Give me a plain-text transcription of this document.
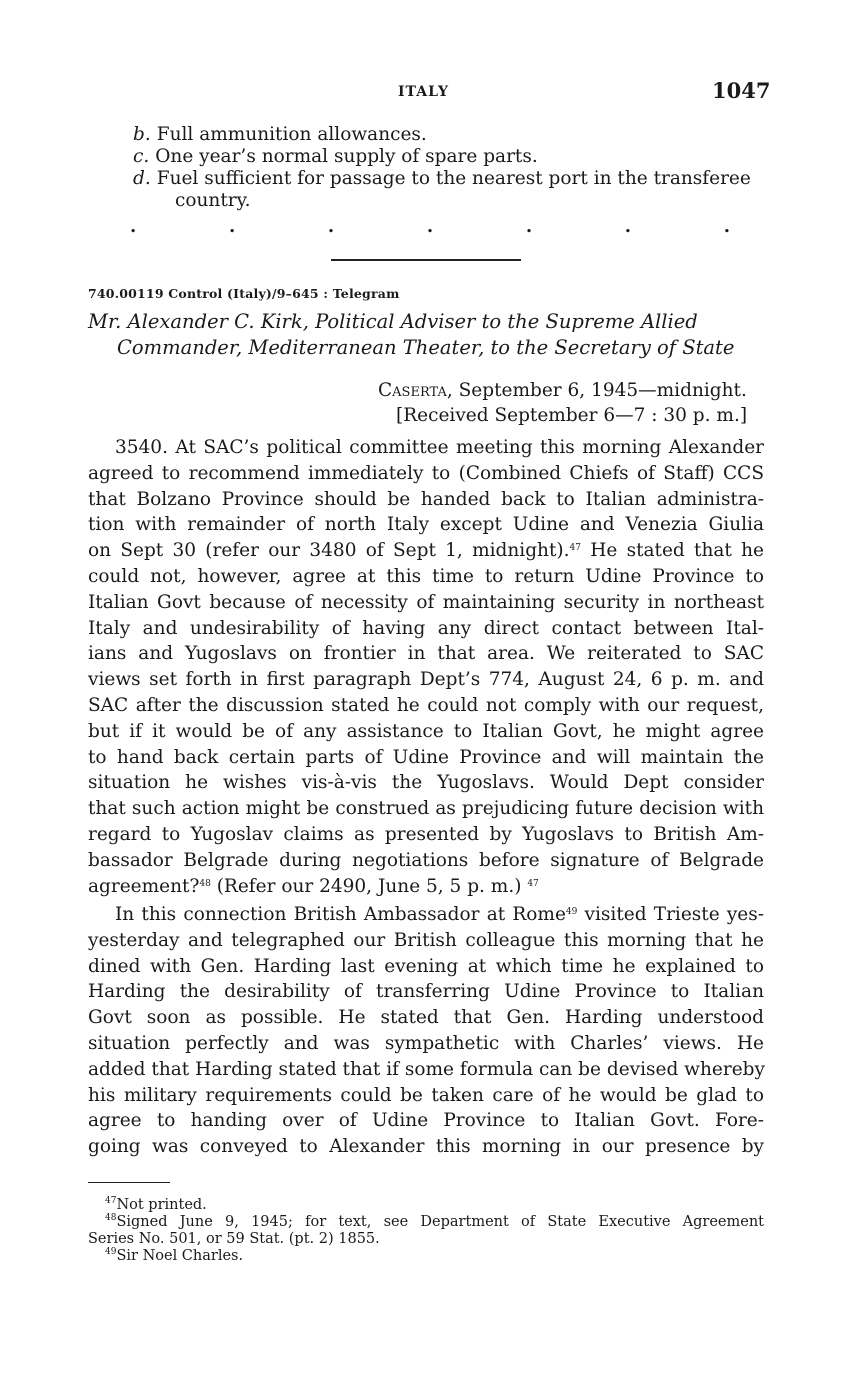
ITALY	1047
b. Full ammunition allowances.
c. One year’s normal supply of spare parts.
d. Fuel sufficient for passage to the nearest port in the transferee
country.
.	.	.	.	.	.	.
740.00119 Control (Italy)/9–645 : Telegram
Mr. Alexander C. Kirk, Political Adviser to the Supreme Allied
Commander, Mediterranean Theater, to the Secretary of State
Caserta, September 6, 1945—midnight.
[Received September 6—7 : 30 p. m.]
3540. At SAC’s political committee meeting this morning Alexander
agreed to recommend immediately to (Combined Chiefs of Staff) CCS
that Bolzano Province should be handed back to Italian administra-
tion with remainder of north Italy except Udine and Venezia Giulia
on Sept 30 (refer our 3480 of Sept 1, midnight).$^{47}$ He stated that he
could not, however, agree at this time to return Udine Province to
Italian Govt because of necessity of maintaining security in northeast
Italy and undesirability of having any direct contact between Ital-
ians and Yugoslavs on frontier in that area. We reiterated to SAC
views set forth in first paragraph Dept’s 774, August 24, 6 p. m. and
SAC after the discussion stated he could not comply with our request,
but if it would be of any assistance to Italian Govt, he might agree
to hand back certain parts of Udine Province and will maintain the
situation he wishes vis-à-vis the Yugoslavs. Would Dept consider
that such action might be construed as prejudicing future decision with
regard to Yugoslav claims as presented by Yugoslavs to British Am-
bassador Belgrade during negotiations before signature of Belgrade
agreement?$^{48}$ (Refer our 2490, June 5, 5 p. m.) $^{47}$
In this connection British Ambassador at Rome$^{49}$ visited Trieste yes-
yesterday and telegraphed our British colleague this morning that he
dined with Gen. Harding last evening at which time he explained to
Harding the desirability of transferring Udine Province to Italian
Govt soon as possible. He stated that Gen. Harding understood
situation perfectly and was sympathetic with Charles’ views. He
added that Harding stated that if some formula can be devised whereby
his military requirements could be taken care of he would be glad to
agree to handing over of Udine Province to Italian Govt. Fore-
going was conveyed to Alexander this morning in our presence by
$^{47}$Not printed.
$^{48}$Signed June 9, 1945; for text, see Department of State Executive Agreement
Series No. 501, or 59 Stat. (pt. 2) 1855.
$^{49}$Sir Noel Charles.
